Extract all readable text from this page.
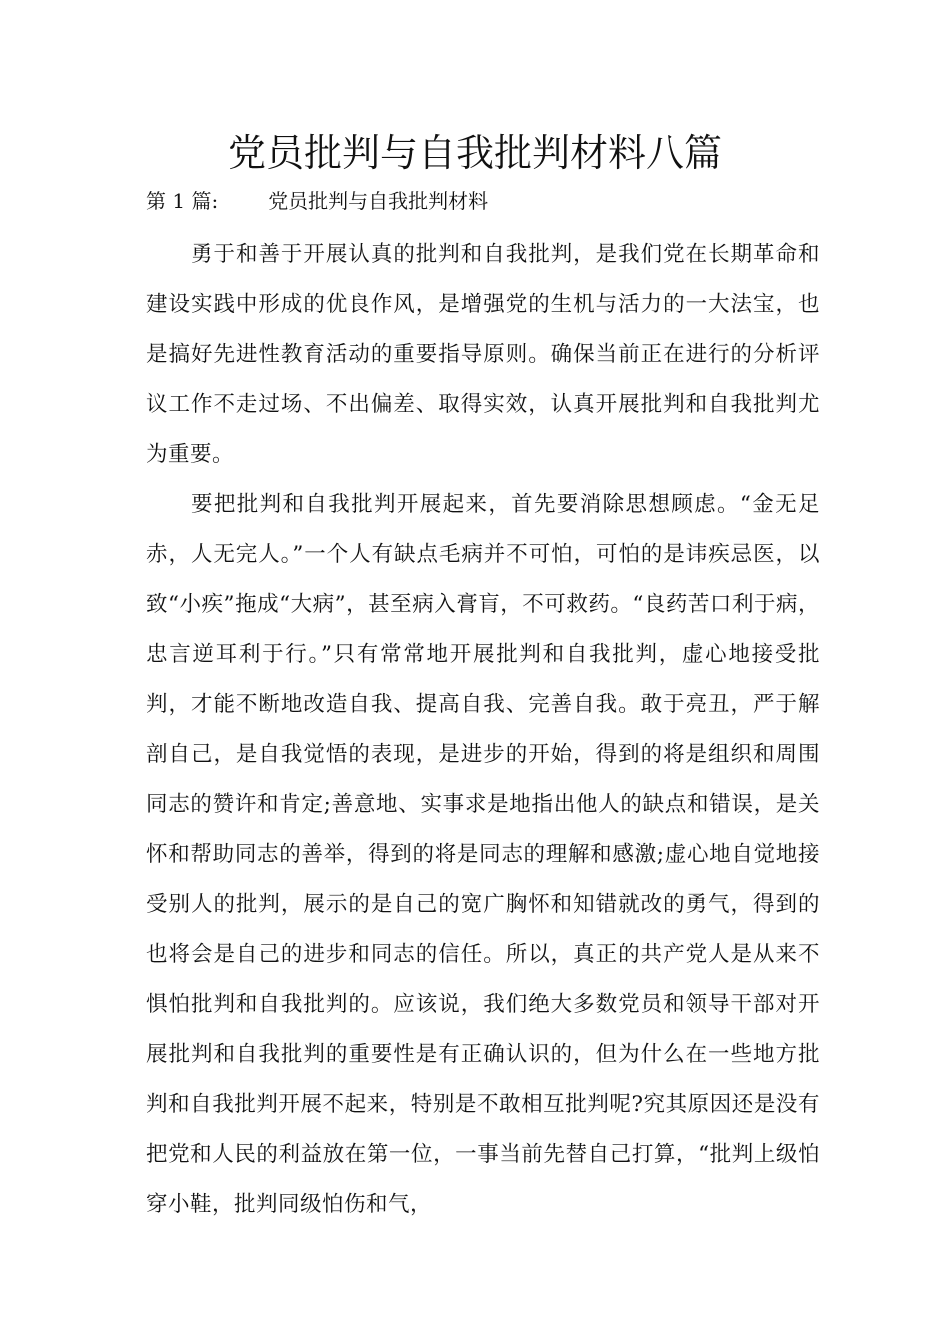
党员批判与自我批判材料八篇
第 1 篇:	党员批判与自我批判材料

勇于和善于开展认真的批判和自我批判，是我们党在长期革命和建设实践中形成的优良作风，是增强党的生机与活力的一大法宝，也是搞好先进性教育活动的重要指导原则。确保当前正在进行的分析评议工作不走过场、不出偏差、取得实效，认真开展批判和自我批判尤为重要。

要把批判和自我批判开展起来，首先要消除思想顾虑。“金无足赤，人无完人。”一个人有缺点毛病并不可怕，可怕的是讳疾忌医，以致“小疾”拖成“大病”，甚至病入膏肓，不可救药。“良药苦口利于病，忠言逆耳利于行。”只有常常地开展批判和自我批判，虚心地接受批判，才能不断地改造自我、提高自我、完善自我。敢于亮丑，严于解剖自己，是自我觉悟的表现，是进步的开始，得到的将是组织和周围同志的赞许和肯定;善意地、实事求是地指出他人的缺点和错误，是关怀和帮助同志的善举，得到的将是同志的理解和感激;虚心地自觉地接受别人的批判，展示的是自己的宽广胸怀和知错就改的勇气，得到的也将会是自己的进步和同志的信任。所以，真正的共产党人是从来不惧怕批判和自我批判的。应该说，我们绝大多数党员和领导干部对开展批判和自我批判的重要性是有正确认识的，但为什么在一些地方批判和自我批判开展不起来，特别是不敢相互批判呢?究其原因还是没有把党和人民的利益放在第一位，一事当前先替自己打算，“批判上级怕穿小鞋，批判同级怕伤和气，
